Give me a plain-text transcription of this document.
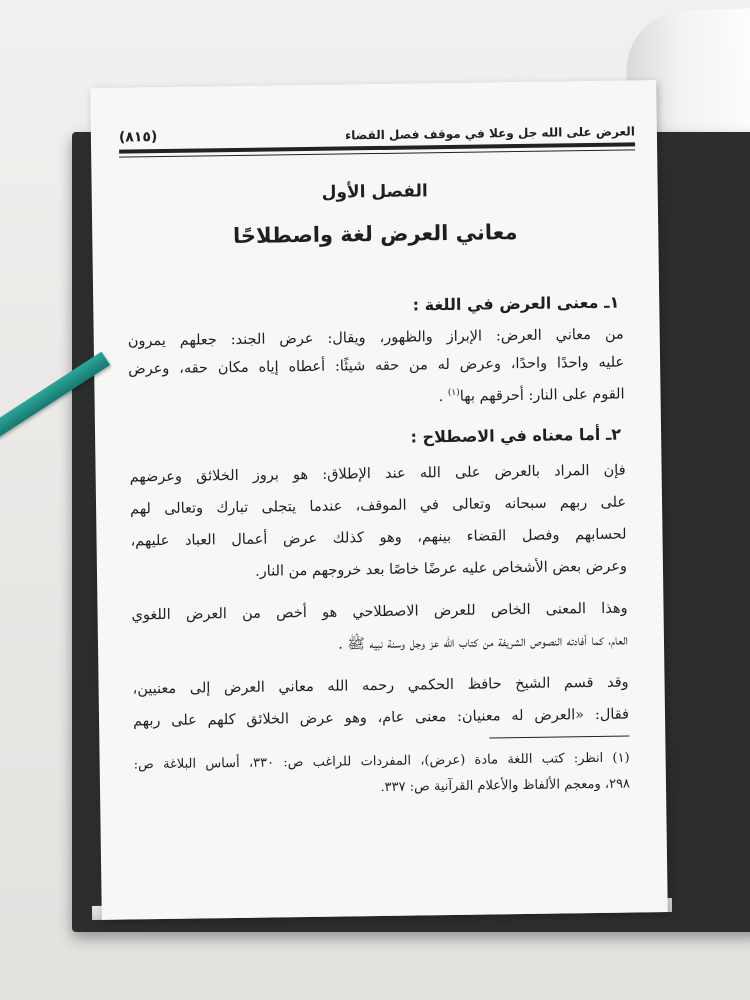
العرض على الله جل وعلا في موقف فصل القضاء
(٨١٥)
الفصل الأول
معاني العرض لغة واصطلاحًا
١ـ معنى العرض في اللغة :
من معاني العرض: الإبراز والظهور، ويقال: عرض الجند: جعلهم يمرون
عليه واحدًا واحدًا، وعرض له من حقه شيئًا: أعطاه إياه مكان حقه، وعرض
القوم على النار: أحرقهم بها$^{(١)}$ .
٢ـ أما معناه في الاصطلاح :
فإن المراد بالعرض على الله عند الإطلاق: هو بروز الخلائق وعرضهم
على ربهم سبحانه وتعالى في الموقف، عندما يتجلى تبارك وتعالى لهم
لحسابهم وفصل القضاء بينهم، وهو كذلك عرض أعمال العباد عليهم،
وعرض بعض الأشخاص عليه عرضًا خاصًا بعد خروجهم من النار.
وهذا المعنى الخاص للعرض الاصطلاحي هو أخص من العرض اللغوي
العام، كما أفادته النصوص الشريفة من كتاب الله عز وجل وسنة نبيه ﷺ .
وقد قسم الشيخ حافظ الحكمي رحمه الله معاني العرض إلى معنيين،
فقال: «العرض له معنيان: معنى عام، وهو عرض الخلائق كلهم على ربهم
(١) انظر: كتب اللغة مادة (عرض)، المفردات للراغب ص: ٣٣٠، أساس البلاغة ص:
٢٩٨، ومعجم الألفاظ والأعلام القرآنية ص: ٣٣٧.
